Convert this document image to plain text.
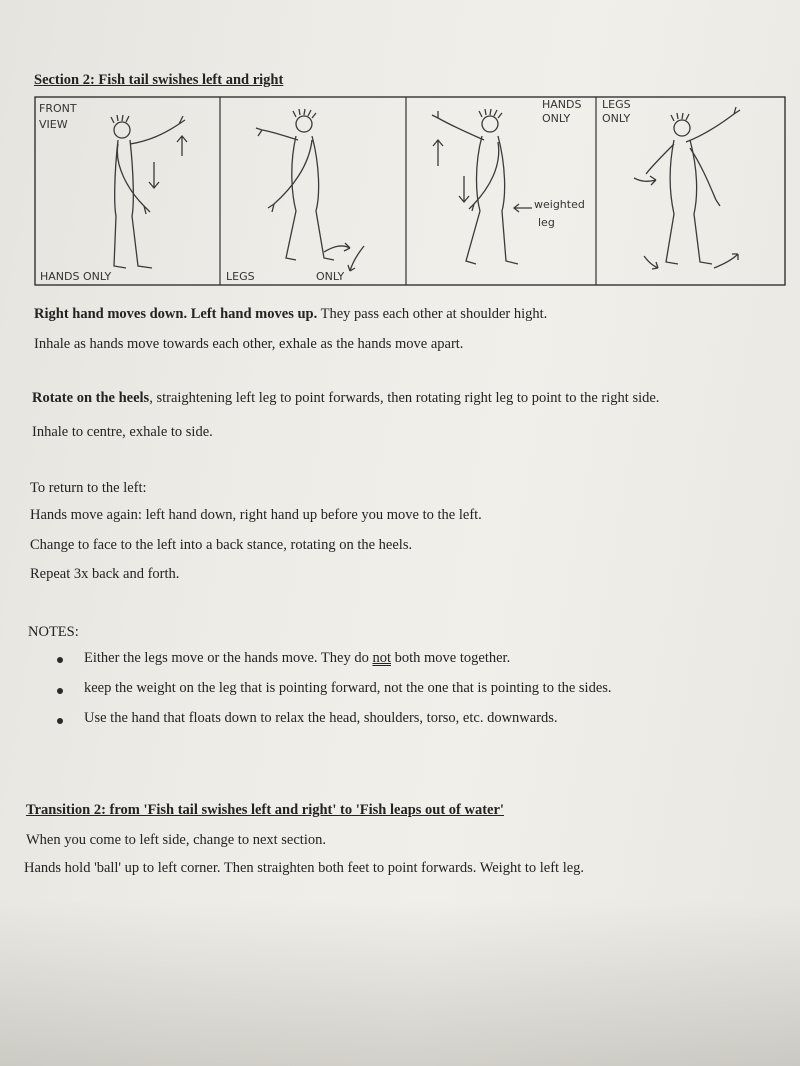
Section 2: Fish tail swishes left and right
FRONT
VIEW
HANDS ONLY	LEGS	ONLY
HANDS
ONLY
weighted
leg
LEGS
ONLY
Right hand moves down. Left hand moves up. They pass each other at shoulder hight.
Inhale as hands move towards each other, exhale as the hands move apart.
Rotate on the heels, straightening left leg to point forwards, then rotating right leg to point to the right side.
Inhale to centre, exhale to side.
To return to the left:
Hands move again: left hand down, right hand up before you move to the left.
Change to face to the left into a back stance, rotating on the heels.
Repeat 3x back and forth.
NOTES:
Either the legs move or the hands move. They do not both move together.
keep the weight on the leg that is pointing forward, not the one that is pointing to the sides.
Use the hand that floats down to relax the head, shoulders, torso, etc. downwards.
Transition 2: from 'Fish tail swishes left and right' to 'Fish leaps out of water'
When you come to left side, change to next section.
Hands hold 'ball' up to left corner. Then straighten both feet to point forwards. Weight to left leg.
